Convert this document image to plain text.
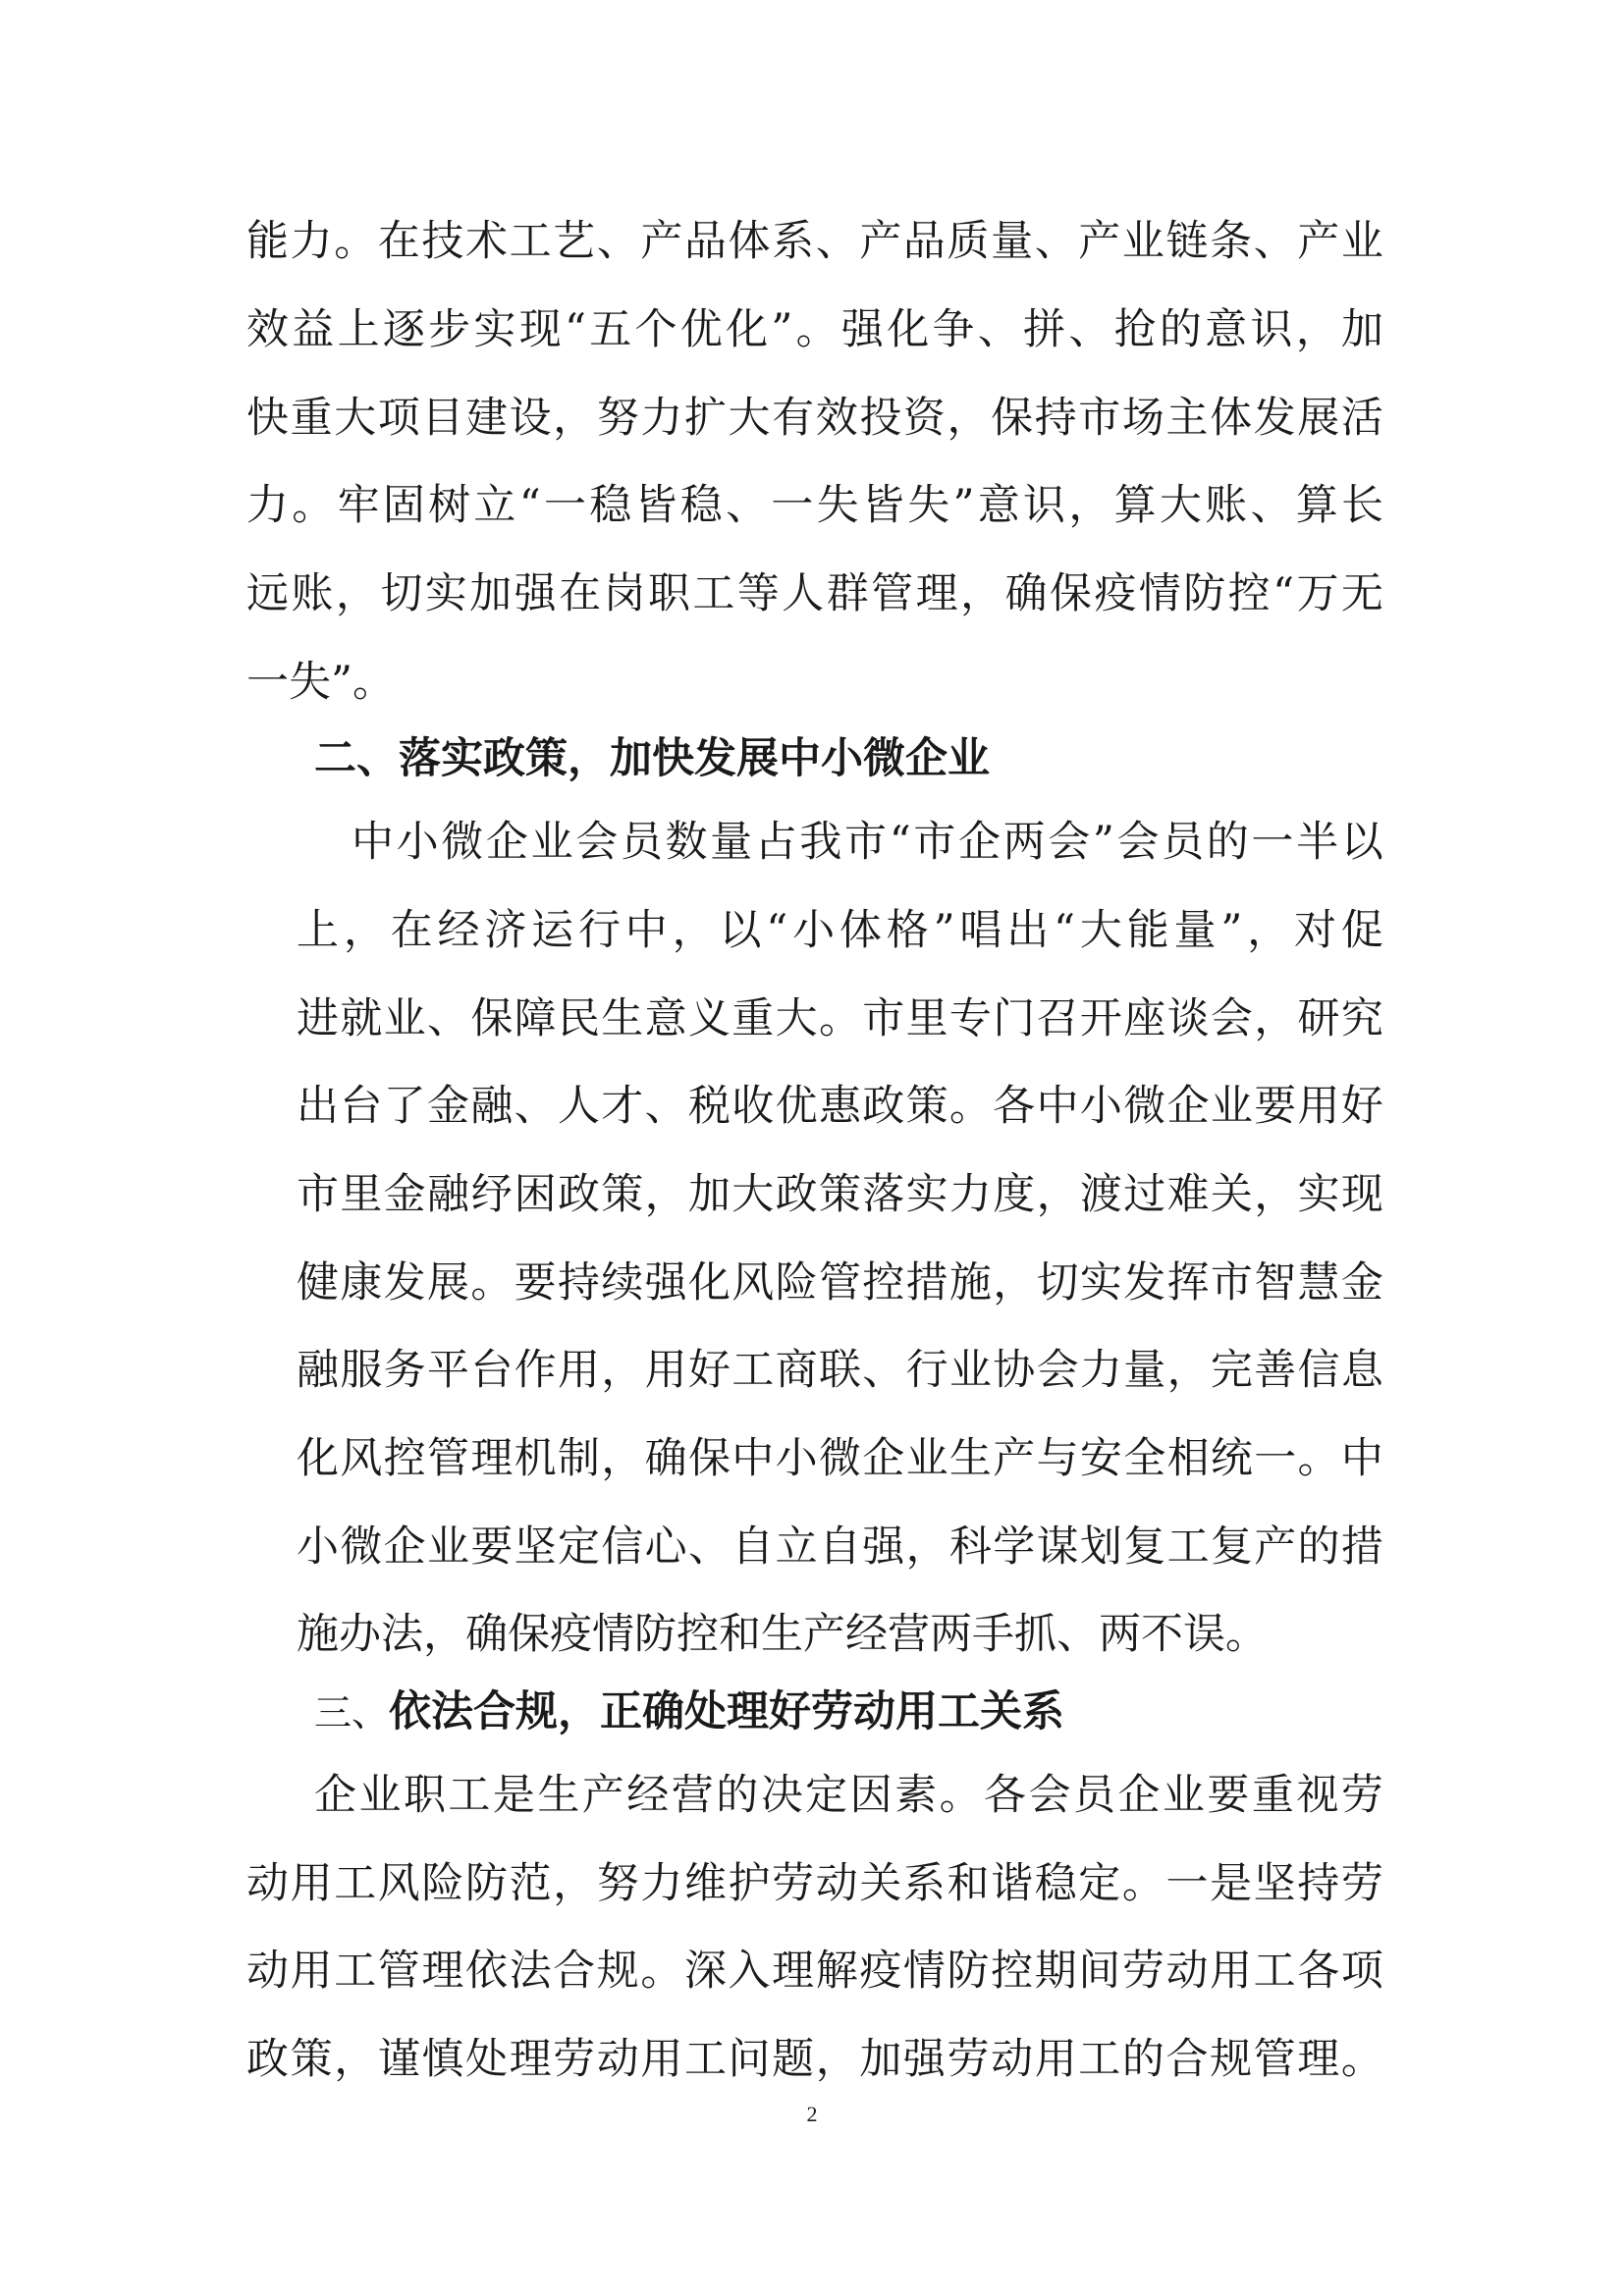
能 力 。 在 技 术 工 艺 、 产 品 体 系 、 产 品 质 量 、 产 业 链 条 、 产 业
效 益 上 逐 步 实 现 “ 五 个 优 化 ” 。 强 化 争 、 拼 、 抢 的 意 识 ， 加
快 重 大 项 目 建 设 ， 努 力 扩 大 有 效 投 资 ， 保 持 市 场 主 体 发 展 活
力 。 牢 固 树 立 “ 一 稳 皆 稳 、 一 失 皆 失 ” 意 识 ， 算 大 账 、 算 长
远 账 ， 切 实 加 强 在 岗 职 工 等 人 群 管 理 ， 确 保 疫 情 防 控 “ 万 无
一失”。
二、落实政策，加快发展中小微企业
中 小 微 企 业 会 员 数 量 占 我 市 “ 市 企 两 会 ” 会 员 的 一 半 以
上 ， 在 经 济 运 行 中 ， 以 “ 小 体 格 ” 唱 出 “ 大 能 量 ” ， 对 促
进 就 业 、 保 障 民 生 意 义 重 大 。 市 里 专 门 召 开 座 谈 会 ， 研 究
出 台 了 金 融 、 人 才 、 税 收 优 惠 政 策 。 各 中 小 微 企 业 要 用 好
市 里 金 融 纾 困 政 策 ， 加 大 政 策 落 实 力 度 ， 渡 过 难 关 ， 实 现
健 康 发 展 。 要 持 续 强 化 风 险 管 控 措 施 ， 切 实 发 挥 市 智 慧 金
融 服 务 平 台 作 用 ， 用 好 工 商 联 、 行 业 协 会 力 量 ， 完 善 信 息
化 风 控 管 理 机 制 ， 确 保 中 小 微 企 业 生 产 与 安 全 相 统 一 。 中
小 微 企 业 要 坚 定 信 心 、 自 立 自 强 ， 科 学 谋 划 复 工 复 产 的 措
施办法，确保疫情防控和生产经营两手抓、两不误。
三、依法合规，正确处理好劳动用工关系
企 业 职 工 是 生 产 经 营 的 决 定 因 素 。 各 会 员 企 业 要 重 视 劳
动 用 工 风 险 防 范 ， 努 力 维 护 劳 动 关 系 和 谐 稳 定 。 一 是 坚 持 劳
动 用 工 管 理 依 法 合 规 。 深 入 理 解 疫 情 防 控 期 间 劳 动 用 工 各 项
政 策 ， 谨 慎 处 理 劳 动 用 工 问 题 ， 加 强 劳 动 用 工 的 合 规 管 理 。
2
